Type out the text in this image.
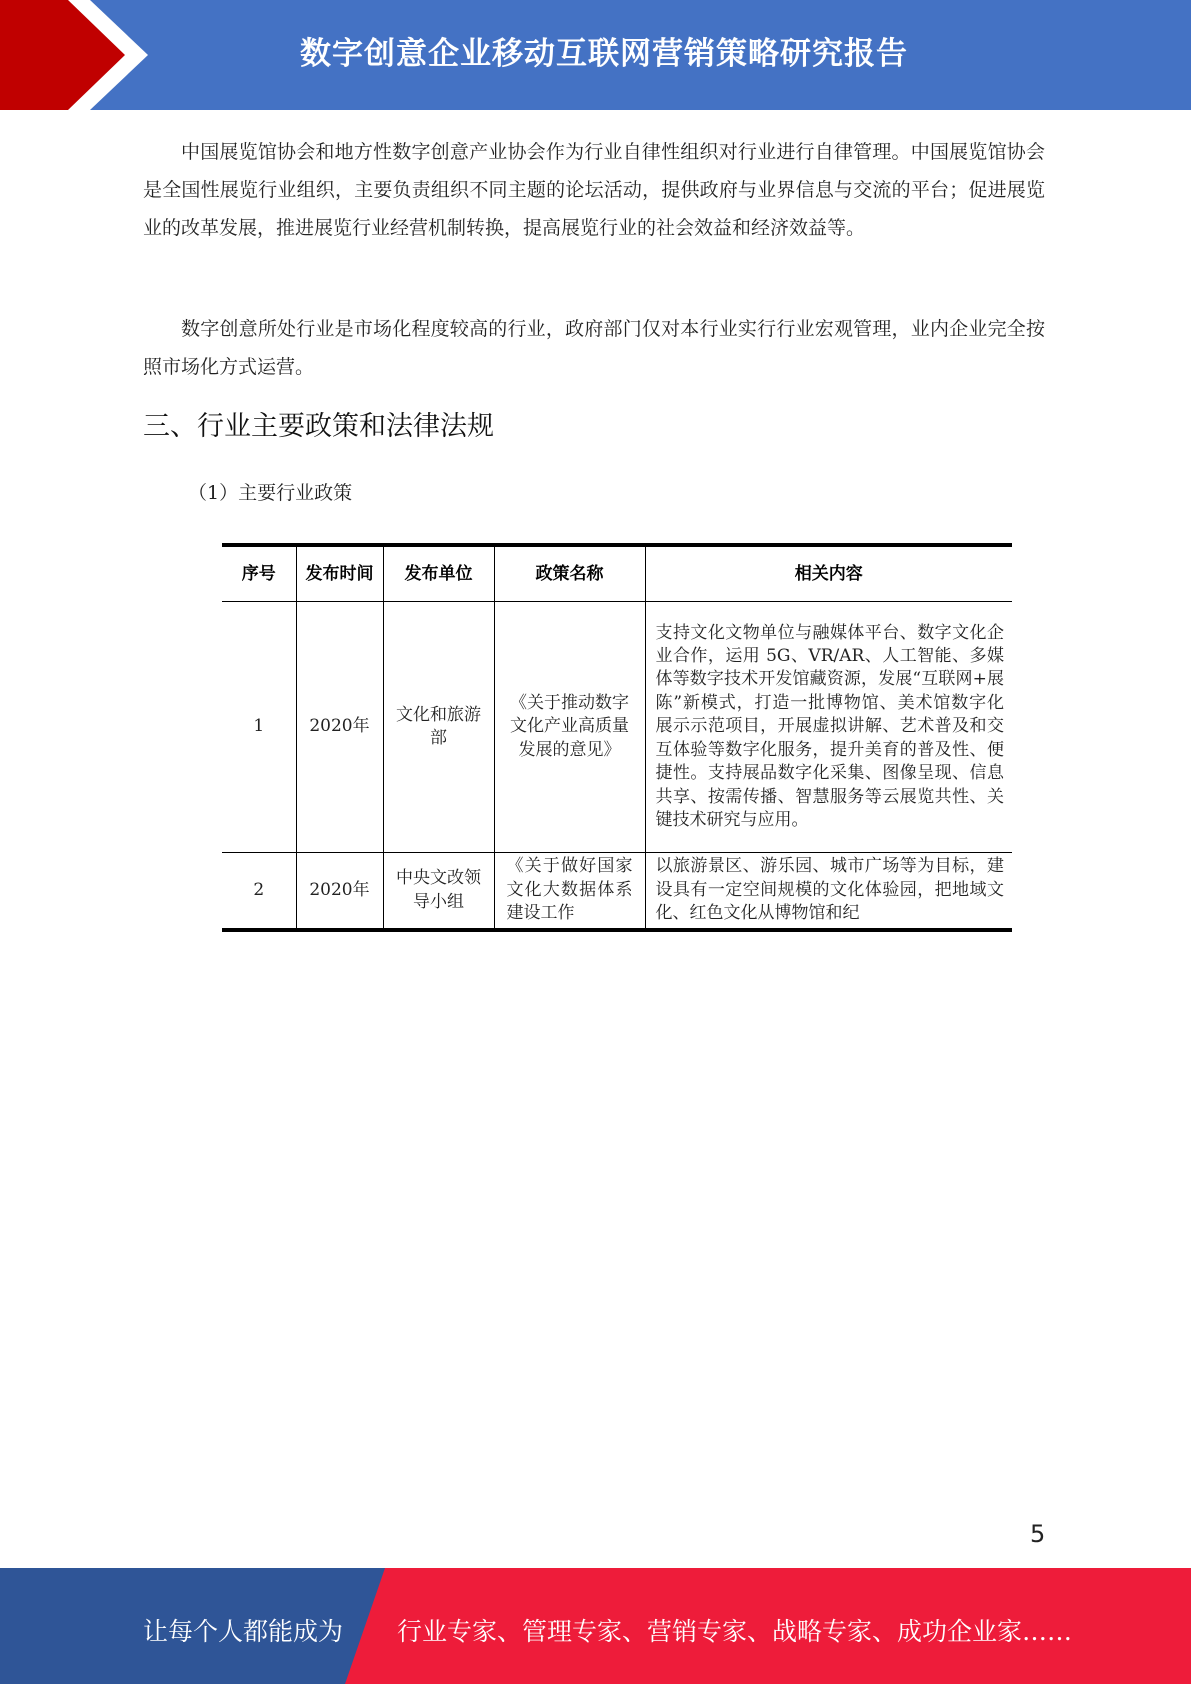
数字创意企业移动互联网营销策略研究报告

中国展览馆协会和地方性数字创意产业协会作为行业自律性组织对行业进行自律管理。中国展览馆协会是全国性展览行业组织，主要负责组织不同主题的论坛活动，提供政府与业界信息与交流的平台；促进展览业的改革发展，推进展览行业经营机制转换，提高展览行业的社会效益和经济效益等。

数字创意所处行业是市场化程度较高的行业，政府部门仅对本行业实行行业宏观管理，业内企业完全按照市场化方式运营。

三、行业主要政策和法律法规
（1）主要行业政策
序号	发布时间	发布单位	政策名称	相关内容
1	2020年	文化和旅游部	《关于推动数字文化产业高质量发展的意见》	支持文化文物单位与融媒体平台、数字文化企业合作，运用 5G、VR/AR、人工智能、多媒体等数字技术开发馆藏资源，发展“互联网+展陈”新模式，打造一批博物馆、美术馆数字化展示示范项目，开展虚拟讲解、艺术普及和交互体验等数字化服务，提升美育的普及性、便捷性。支持展品数字化采集、图像呈现、信息共享、按需传播、智慧服务等云展览共性、关键技术研究与应用。
2	2020年	中央文改领导小组	《关于做好国家文化大数据体系建设工作	以旅游景区、游乐园、城市广场等为目标，建设具有一定空间规模的文化体验园，把地域文化、红色文化从博物馆和纪
5
让每个人都能成为 行业专家、管理专家、营销专家、战略专家、成功企业家……
